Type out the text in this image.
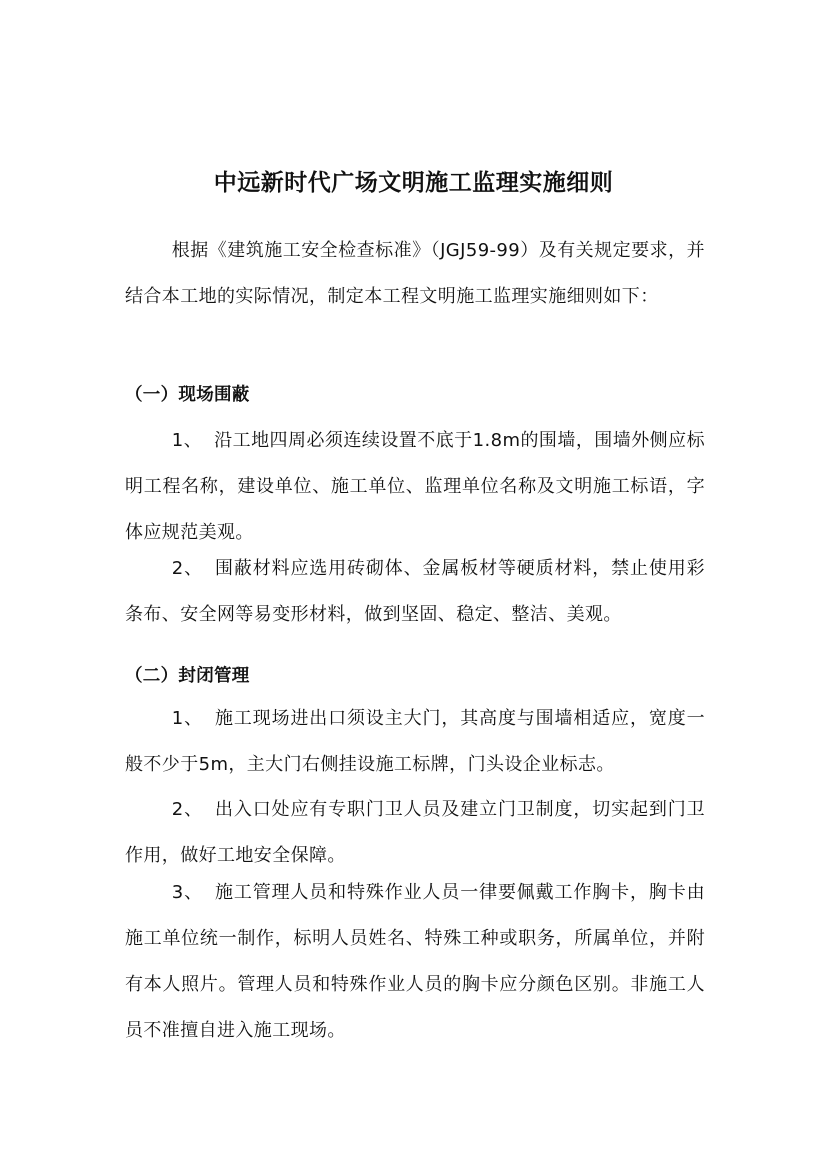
中远新时代广场文明施工监理实施细则
根据《建筑施工安全检查标准》（JGJ59-99）及有关规定要求，并结合本工地的实际情况，制定本工程文明施工监理实施细则如下：
（一）现场围蔽
1、 沿工地四周必须连续设置不底于1.8m的围墙，围墙外侧应标明工程名称，建设单位、施工单位、监理单位名称及文明施工标语，字体应规范美观。
2、 围蔽材料应选用砖砌体、金属板材等硬质材料，禁止使用彩条布、安全网等易变形材料，做到坚固、稳定、整洁、美观。
（二）封闭管理
1、 施工现场进出口须设主大门，其高度与围墙相适应，宽度一般不少于5m，主大门右侧挂设施工标牌，门头设企业标志。
2、 出入口处应有专职门卫人员及建立门卫制度，切实起到门卫作用，做好工地安全保障。
3、 施工管理人员和特殊作业人员一律要佩戴工作胸卡，胸卡由施工单位统一制作，标明人员姓名、特殊工种或职务，所属单位，并附有本人照片。管理人员和特殊作业人员的胸卡应分颜色区别。非施工人员不准擅自进入施工现场。
